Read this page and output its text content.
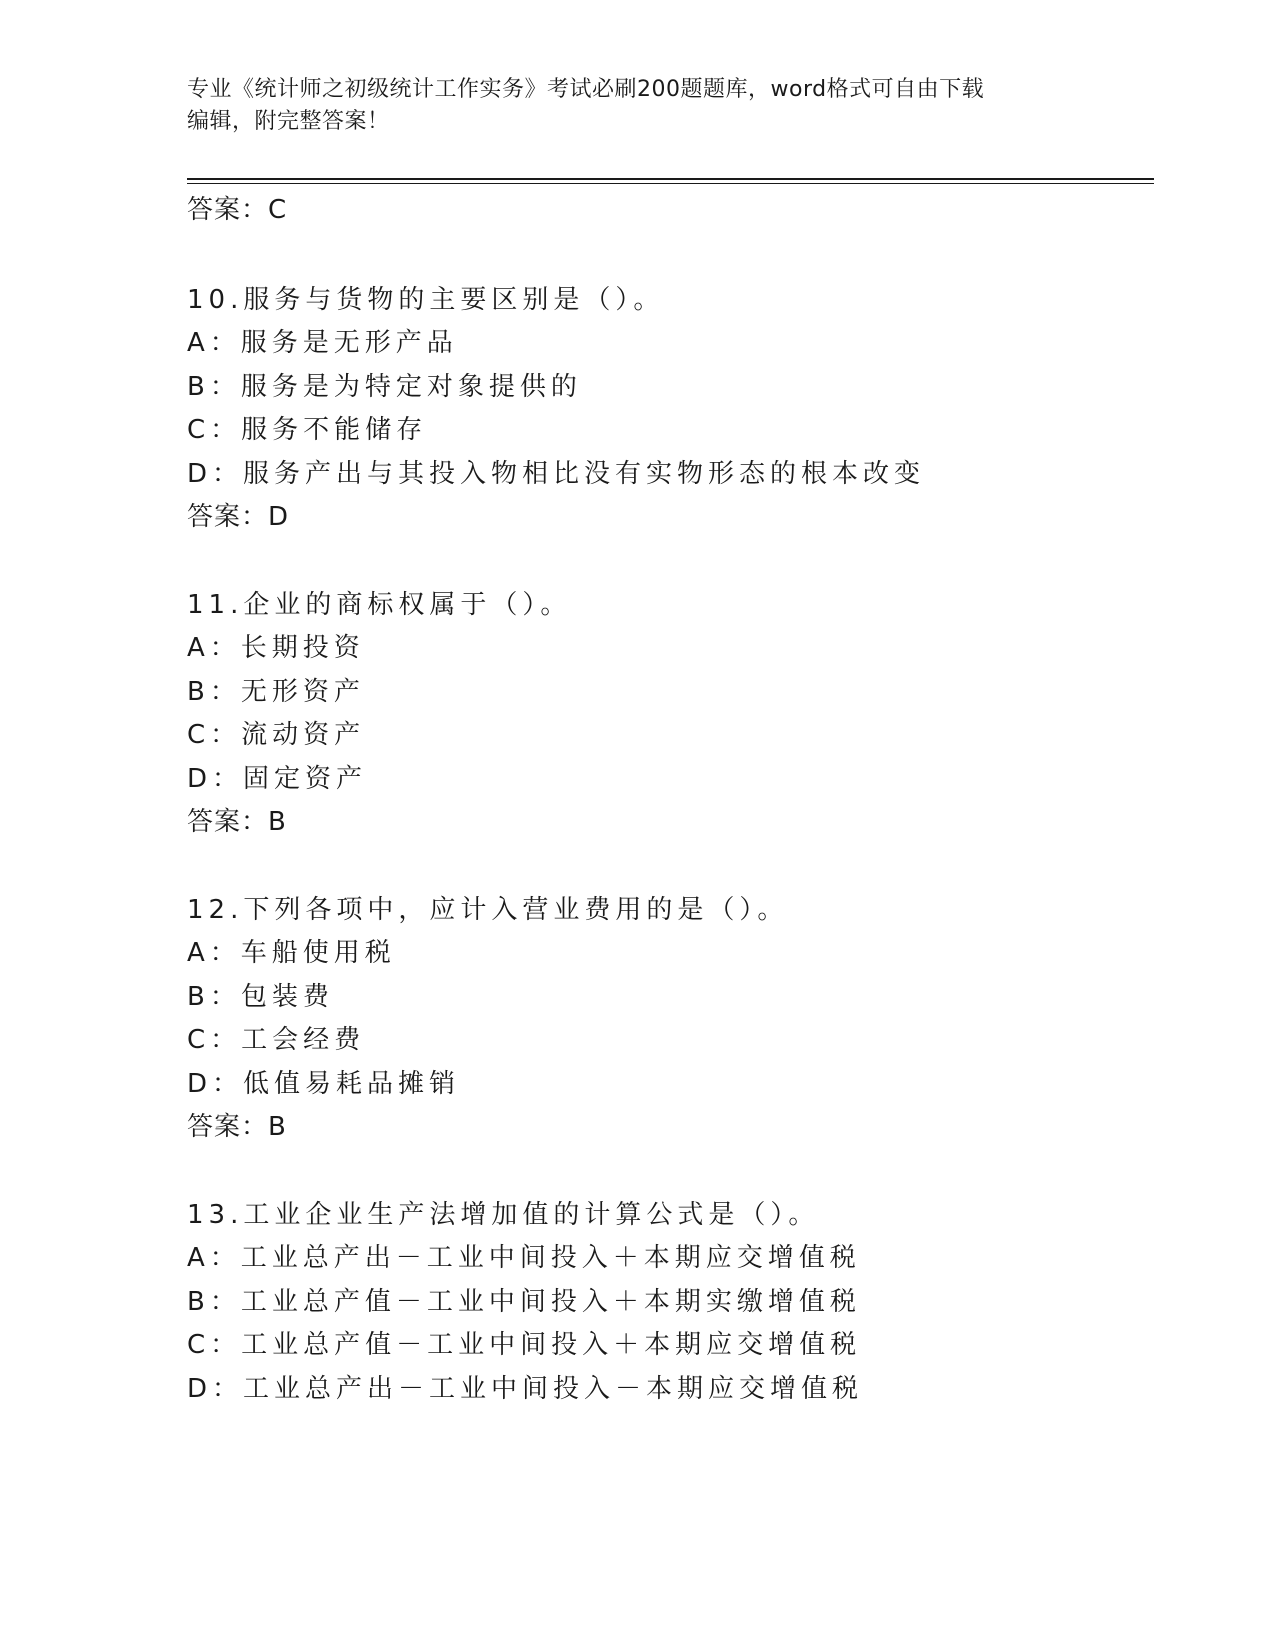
专业《统计师之初级统计工作实务》考试必刷200题题库，word格式可自由下载
编辑，附完整答案！
答案：C
10.服务与货物的主要区别是（）。
A：服务是无形产品
B：服务是为特定对象提供的
C：服务不能储存
D：服务产出与其投入物相比没有实物形态的根本改变
答案：D
11.企业的商标权属于（）。
A：长期投资
B：无形资产
C：流动资产
D：固定资产
答案：B
12.下列各项中，应计入营业费用的是（）。
A：车船使用税
B：包装费
C：工会经费
D：低值易耗品摊销
答案：B
13.工业企业生产法增加值的计算公式是（）。
A：工业总产出－工业中间投入＋本期应交增值税
B：工业总产值－工业中间投入＋本期实缴增值税
C：工业总产值－工业中间投入＋本期应交增值税
D：工业总产出－工业中间投入－本期应交增值税
